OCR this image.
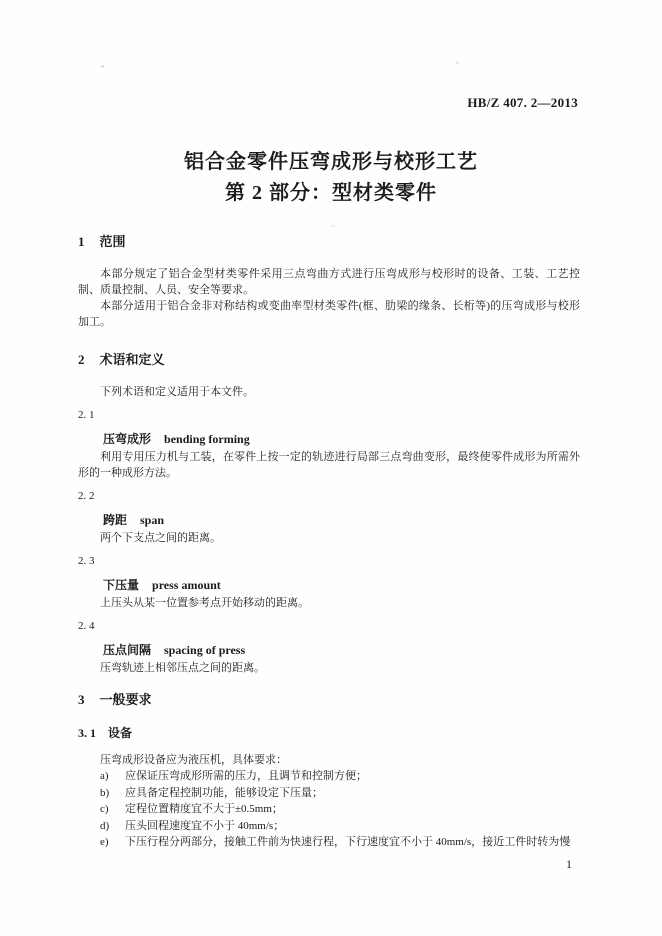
HB/Z 407. 2—2013
铝合金零件压弯成形与校形工艺
第 2 部分：型材类零件
1 范围

本部分规定了铝合金型材类零件采用三点弯曲方式进行压弯成形与校形时的设备、工装、工艺控制、质量控制、人员、安全等要求。

本部分适用于铝合金非对称结构或变曲率型材类零件(框、肋梁的缘条、长桁等)的压弯成形与校形加工。

2 术语和定义

下列术语和定义适用于本文件。

2. 1
压弯成形 bending forming

利用专用压力机与工装，在零件上按一定的轨迹进行局部三点弯曲变形，最终使零件成形为所需外形的一种成形方法。

2. 2
跨距 span

两个下支点之间的距离。

2. 3
下压量 press amount

上压头从某一位置参考点开始移动的距离。

2. 4
压点间隔 spacing of press

压弯轨迹上相邻压点之间的距离。

3 一般要求
3. 1 设备

压弯成形设备应为液压机，具体要求：

a)	应保证压弯成形所需的压力，且调节和控制方便；
b)	应具备定程控制功能，能够设定下压量；
c)	定程位置精度宜不大于±0.5mm；
d)	压头回程速度宜不小于 40mm/s；
e)	下压行程分两部分，接触工件前为快速行程，下行速度宜不小于 40mm/s，接近工件时转为慢
1
